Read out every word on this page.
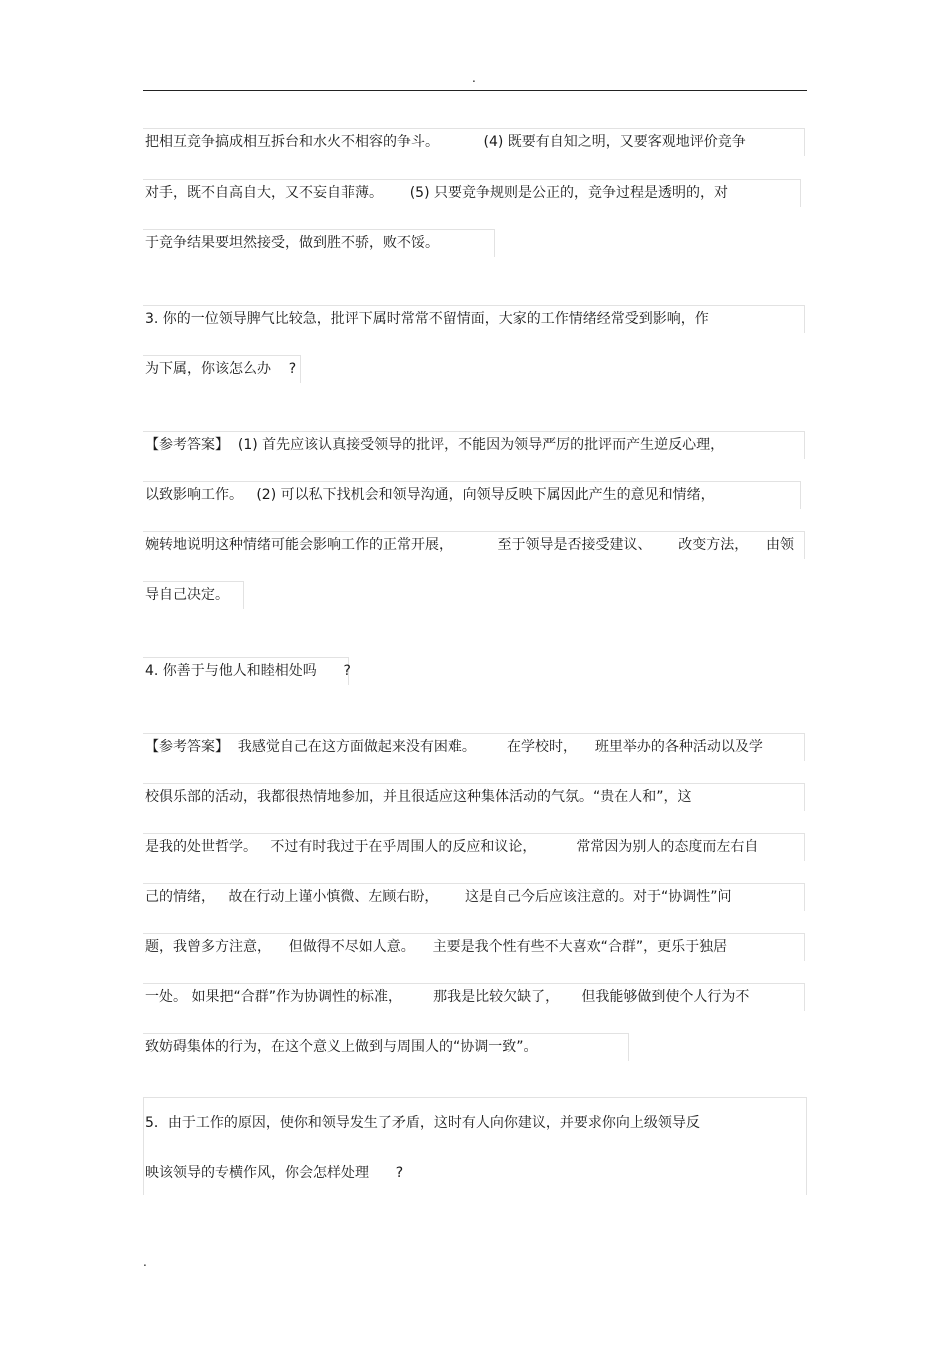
.
把相互竞争搞成相互拆台和水火不相容的争斗。          (4) 既要有自知之明，又要客观地评价竞争
对手，既不自高自大，又不妄自菲薄。      (5) 只要竞争规则是公正的，竞争过程是透明的，对
于竞争结果要坦然接受，做到胜不骄，败不馁。
3. 你的一位领导脾气比较急，批评下属时常常不留情面，大家的工作情绪经常受到影响，作
为下属，你该怎么办    ?
【参考答案】  (1) 首先应该认真接受领导的批评，不能因为领导严厉的批评而产生逆反心理，
以致影响工作。   (2) 可以私下找机会和领导沟通，向领导反映下属因此产生的意见和情绪，
婉转地说明这种情绪可能会影响工作的正常开展，          至于领导是否接受建议、      改变方法，    由领
导自己决定。
4. 你善于与他人和睦相处吗      ?
【参考答案】  我感觉自己在这方面做起来没有困难。       在学校时，    班里举办的各种活动以及学
校俱乐部的活动，我都很热情地参加，并且很适应这种集体活动的气氛。“贵在人和”，这
是我的处世哲学。   不过有时我过于在乎周围人的反应和议论，         常常因为别人的态度而左右自
己的情绪，   故在行动上谨小慎微、左顾右盼，      这是自己今后应该注意的。对于“协调性”问
题，我曾多方注意，    但做得不尽如人意。    主要是我个性有些不大喜欢“合群”，更乐于独居
一处。 如果把“合群”作为协调性的标准，       那我是比较欠缺了，     但我能够做到使个人行为不
致妨碍集体的行为，在这个意义上做到与周围人的“协调一致”。
5．由于工作的原因，使你和领导发生了矛盾，这时有人向你建议，并要求你向上级领导反
映该领导的专横作风，你会怎样处理      ?
.
